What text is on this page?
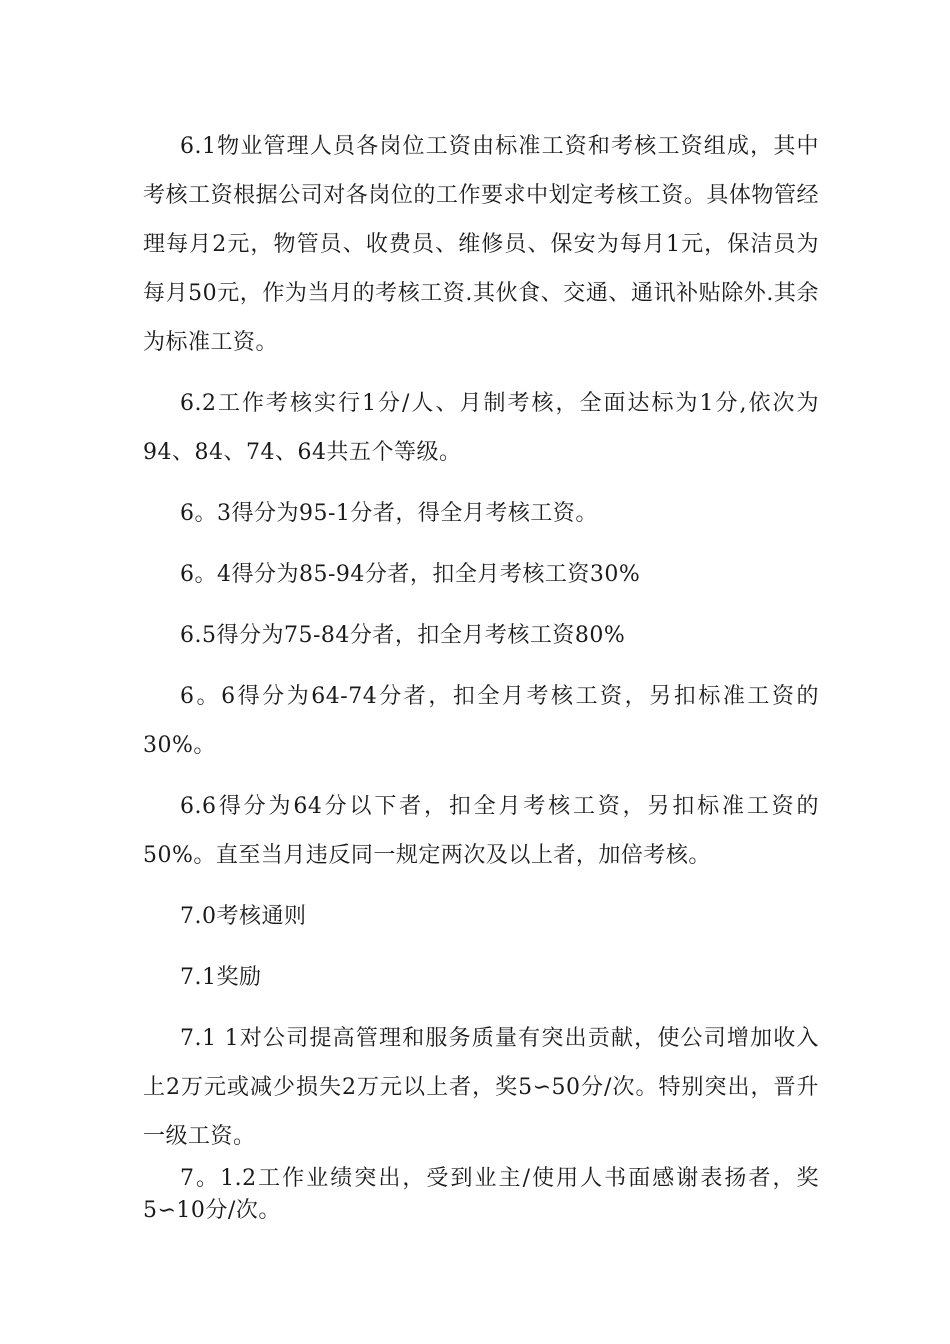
6.1物业管理人员各岗位工资由标准工资和考核工资组成，其中考核工资根据公司对各岗位的工作要求中划定考核工资。具体物管经理每月2元，物管员、收费员、维修员、保安为每月1元，保洁员为每月50元，作为当月的考核工资.其伙食、交通、通讯补贴除外.其余为标准工资。

6.2工作考核实行1分/人、月制考核，全面达标为1分,依次为94、84、74、64共五个等级。

6。3得分为95-1分者，得全月考核工资。

6。4得分为85-94分者，扣全月考核工资30%

6.5得分为75-84分者，扣全月考核工资80%

6。6得分为64-74分者，扣全月考核工资，另扣标准工资的30%。

6.6得分为64分以下者，扣全月考核工资，另扣标准工资的50%。直至当月违反同一规定两次及以上者，加倍考核。

7.0考核通则

7.1奖励

7.1 1对公司提高管理和服务质量有突出贡献，使公司增加收入上2万元或减少损失2万元以上者，奖5∽50分/次。特别突出，晋升一级工资。

7。1.2工作业绩突出，受到业主/使用人书面感谢表扬者，奖5∽10分/次。
